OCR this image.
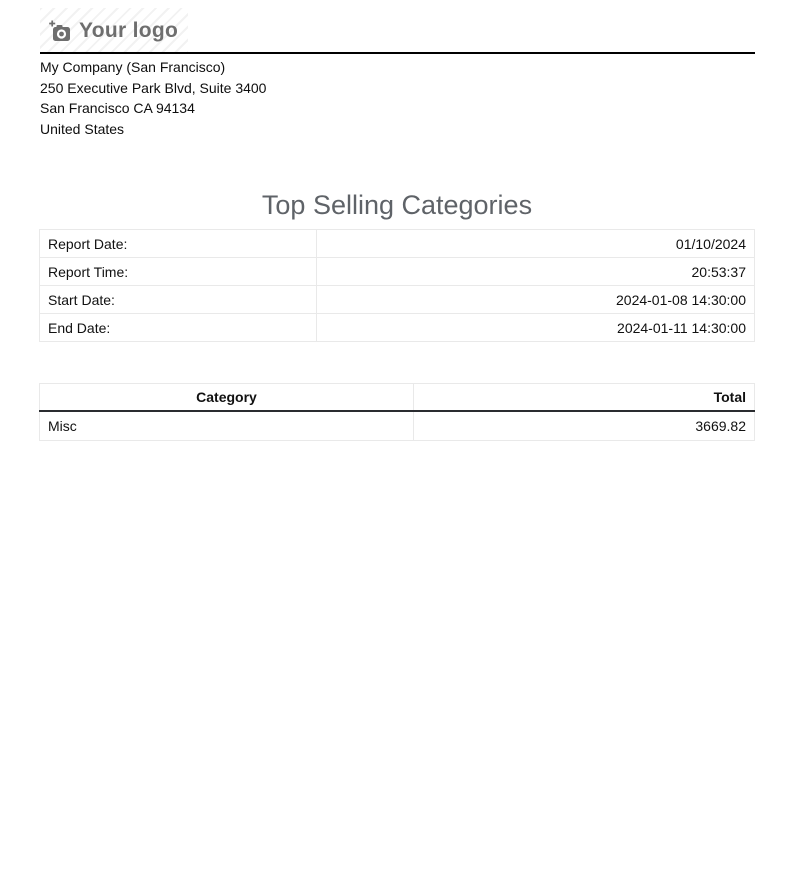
Your logo
My Company (San Francisco)
250 Executive Park Blvd, Suite 3400
San Francisco CA 94134
United States
Top Selling Categories
Report Date:	01/10/2024
Report Time:	20:53:37
Start Date:	2024-01-08 14:30:00
End Date:	2024-01-11 14:30:00
Category	Total
Misc	3669.82
